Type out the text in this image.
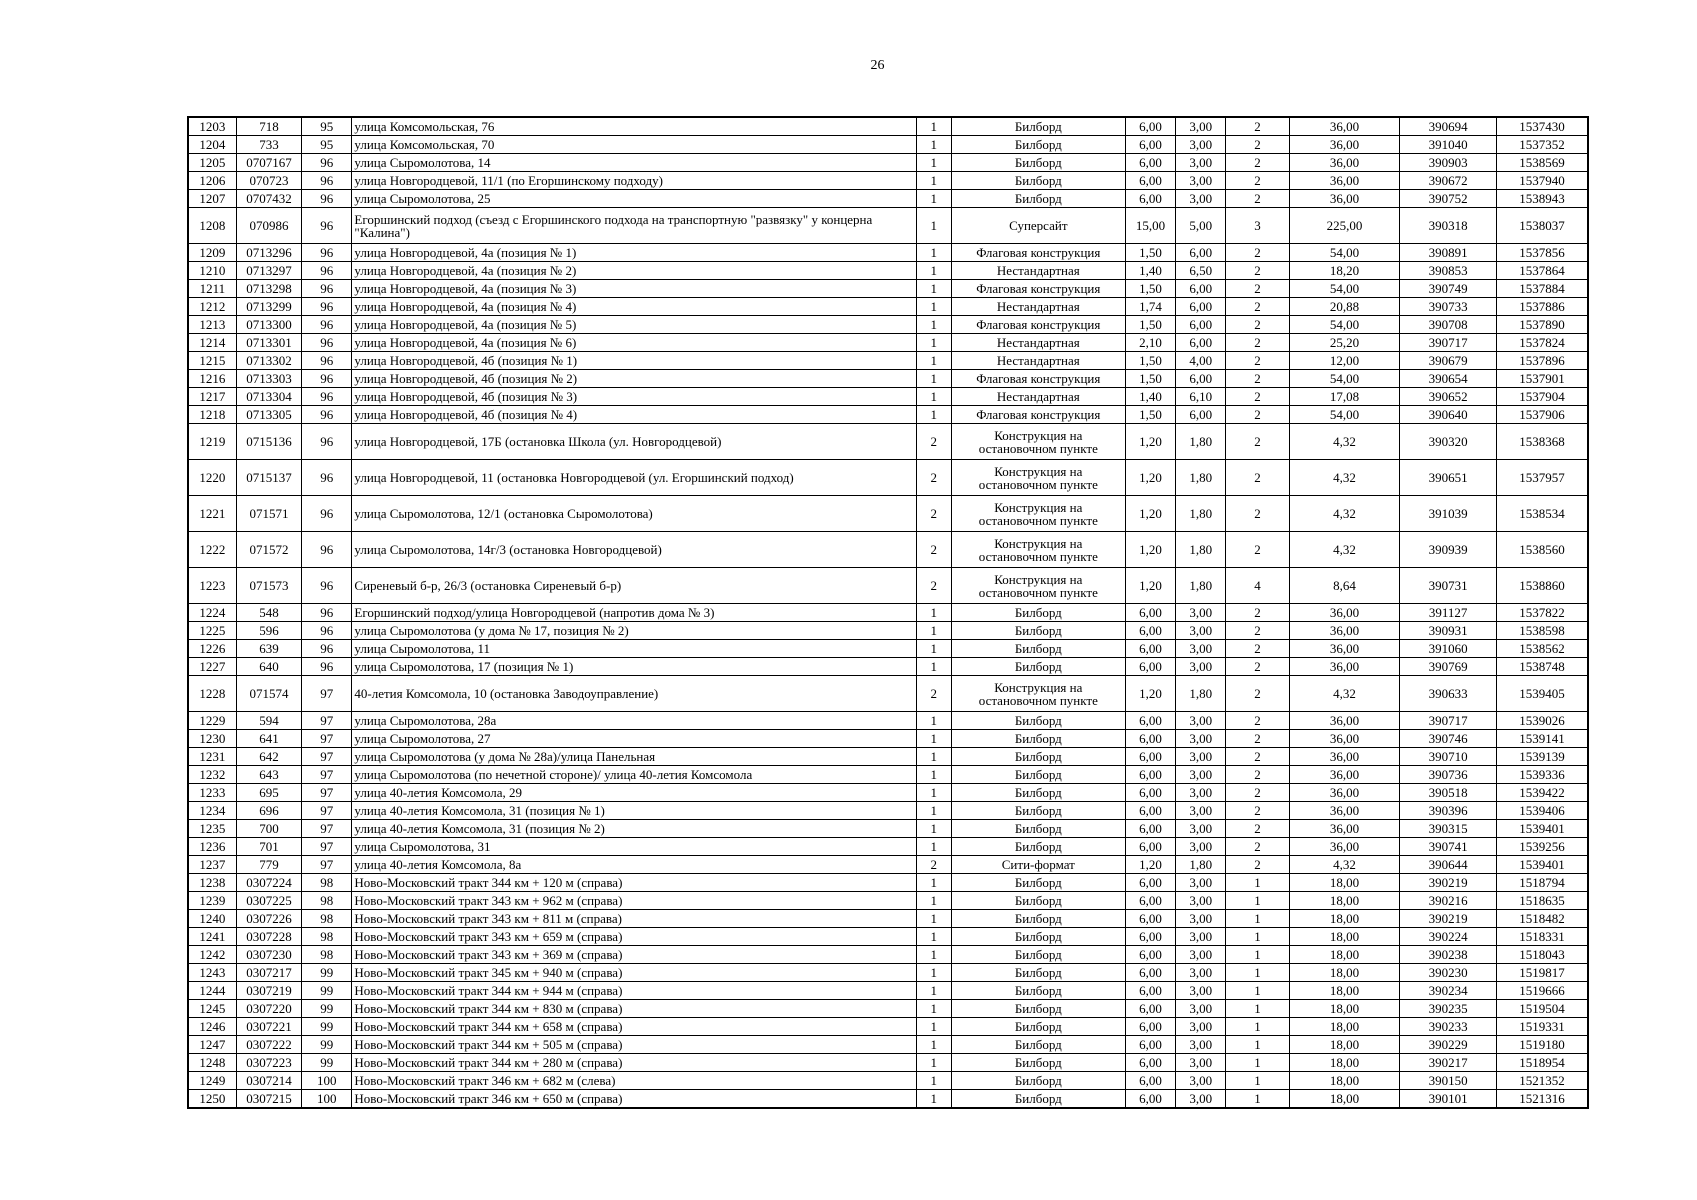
26
1203	718	95	улица Комсомольская, 76	1	Билборд	6,00	3,00	2	36,00	390694	1537430
1204	733	95	улица Комсомольская, 70	1	Билборд	6,00	3,00	2	36,00	391040	1537352
1205	0707167	96	улица Сыромолотова, 14	1	Билборд	6,00	3,00	2	36,00	390903	1538569
1206	070723	96	улица Новгородцевой, 11/1 (по Егоршинскому подходу)	1	Билборд	6,00	3,00	2	36,00	390672	1537940
1207	0707432	96	улица Сыромолотова, 25	1	Билборд	6,00	3,00	2	36,00	390752	1538943
1208	070986	96	Егоршинский подход (съезд с Егоршинского подхода на транспортную "развязку" у концерна "Калина")	1	Суперсайт	15,00	5,00	3	225,00	390318	1538037
1209	0713296	96	улица Новгородцевой, 4а (позиция № 1)	1	Флаговая конструкция	1,50	6,00	2	54,00	390891	1537856
1210	0713297	96	улица Новгородцевой, 4а (позиция № 2)	1	Нестандартная	1,40	6,50	2	18,20	390853	1537864
1211	0713298	96	улица Новгородцевой, 4а (позиция № 3)	1	Флаговая конструкция	1,50	6,00	2	54,00	390749	1537884
1212	0713299	96	улица Новгородцевой, 4а (позиция № 4)	1	Нестандартная	1,74	6,00	2	20,88	390733	1537886
1213	0713300	96	улица Новгородцевой, 4а (позиция № 5)	1	Флаговая конструкция	1,50	6,00	2	54,00	390708	1537890
1214	0713301	96	улица Новгородцевой, 4а (позиция № 6)	1	Нестандартная	2,10	6,00	2	25,20	390717	1537824
1215	0713302	96	улица Новгородцевой, 4б (позиция № 1)	1	Нестандартная	1,50	4,00	2	12,00	390679	1537896
1216	0713303	96	улица Новгородцевой, 4б (позиция № 2)	1	Флаговая конструкция	1,50	6,00	2	54,00	390654	1537901
1217	0713304	96	улица Новгородцевой, 4б (позиция № 3)	1	Нестандартная	1,40	6,10	2	17,08	390652	1537904
1218	0713305	96	улица Новгородцевой, 4б (позиция № 4)	1	Флаговая конструкция	1,50	6,00	2	54,00	390640	1537906
1219	0715136	96	улица Новгородцевой, 17Б (остановка Школа (ул. Новгородцевой)	2	Конструкция на остановочном пункте	1,20	1,80	2	4,32	390320	1538368
1220	0715137	96	улица Новгородцевой, 11 (остановка Новгородцевой (ул. Егоршинский подход)	2	Конструкция на остановочном пункте	1,20	1,80	2	4,32	390651	1537957
1221	071571	96	улица Сыромолотова, 12/1 (остановка Сыромолотова)	2	Конструкция на остановочном пункте	1,20	1,80	2	4,32	391039	1538534
1222	071572	96	улица Сыромолотова, 14г/3 (остановка Новгородцевой)	2	Конструкция на остановочном пункте	1,20	1,80	2	4,32	390939	1538560
1223	071573	96	Сиреневый б-р, 26/3 (остановка Сиреневый б-р)	2	Конструкция на остановочном пункте	1,20	1,80	4	8,64	390731	1538860
1224	548	96	Егоршинский подход/улица Новгородцевой (напротив дома № 3)	1	Билборд	6,00	3,00	2	36,00	391127	1537822
1225	596	96	улица Сыромолотова (у дома № 17, позиция № 2)	1	Билборд	6,00	3,00	2	36,00	390931	1538598
1226	639	96	улица Сыромолотова, 11	1	Билборд	6,00	3,00	2	36,00	391060	1538562
1227	640	96	улица Сыромолотова, 17 (позиция № 1)	1	Билборд	6,00	3,00	2	36,00	390769	1538748
1228	071574	97	40-летия Комсомола, 10 (остановка Заводоуправление)	2	Конструкция на остановочном пункте	1,20	1,80	2	4,32	390633	1539405
1229	594	97	улица Сыромолотова, 28а	1	Билборд	6,00	3,00	2	36,00	390717	1539026
1230	641	97	улица Сыромолотова, 27	1	Билборд	6,00	3,00	2	36,00	390746	1539141
1231	642	97	улица Сыромолотова (у дома № 28а)/улица Панельная	1	Билборд	6,00	3,00	2	36,00	390710	1539139
1232	643	97	улица Сыромолотова (по нечетной стороне)/ улица 40-летия Комсомола	1	Билборд	6,00	3,00	2	36,00	390736	1539336
1233	695	97	улица 40-летия Комсомола, 29	1	Билборд	6,00	3,00	2	36,00	390518	1539422
1234	696	97	улица 40-летия Комсомола, 31 (позиция № 1)	1	Билборд	6,00	3,00	2	36,00	390396	1539406
1235	700	97	улица 40-летия Комсомола, 31 (позиция № 2)	1	Билборд	6,00	3,00	2	36,00	390315	1539401
1236	701	97	улица Сыромолотова, 31	1	Билборд	6,00	3,00	2	36,00	390741	1539256
1237	779	97	улица 40-летия Комсомола, 8а	2	Сити-формат	1,20	1,80	2	4,32	390644	1539401
1238	0307224	98	Ново-Московский тракт 344 км + 120 м (справа)	1	Билборд	6,00	3,00	1	18,00	390219	1518794
1239	0307225	98	Ново-Московский тракт 343 км + 962 м (справа)	1	Билборд	6,00	3,00	1	18,00	390216	1518635
1240	0307226	98	Ново-Московский тракт 343 км + 811 м (справа)	1	Билборд	6,00	3,00	1	18,00	390219	1518482
1241	0307228	98	Ново-Московский тракт 343 км + 659 м (справа)	1	Билборд	6,00	3,00	1	18,00	390224	1518331
1242	0307230	98	Ново-Московский тракт 343 км + 369 м (справа)	1	Билборд	6,00	3,00	1	18,00	390238	1518043
1243	0307217	99	Ново-Московский тракт 345 км + 940 м (справа)	1	Билборд	6,00	3,00	1	18,00	390230	1519817
1244	0307219	99	Ново-Московский тракт 344 км + 944 м (справа)	1	Билборд	6,00	3,00	1	18,00	390234	1519666
1245	0307220	99	Ново-Московский тракт 344 км + 830 м (справа)	1	Билборд	6,00	3,00	1	18,00	390235	1519504
1246	0307221	99	Ново-Московский тракт 344 км + 658 м (справа)	1	Билборд	6,00	3,00	1	18,00	390233	1519331
1247	0307222	99	Ново-Московский тракт 344 км + 505 м (справа)	1	Билборд	6,00	3,00	1	18,00	390229	1519180
1248	0307223	99	Ново-Московский тракт 344 км + 280 м (справа)	1	Билборд	6,00	3,00	1	18,00	390217	1518954
1249	0307214	100	Ново-Московский тракт 346 км + 682 м (слева)	1	Билборд	6,00	3,00	1	18,00	390150	1521352
1250	0307215	100	Ново-Московский тракт 346 км + 650 м (справа)	1	Билборд	6,00	3,00	1	18,00	390101	1521316
